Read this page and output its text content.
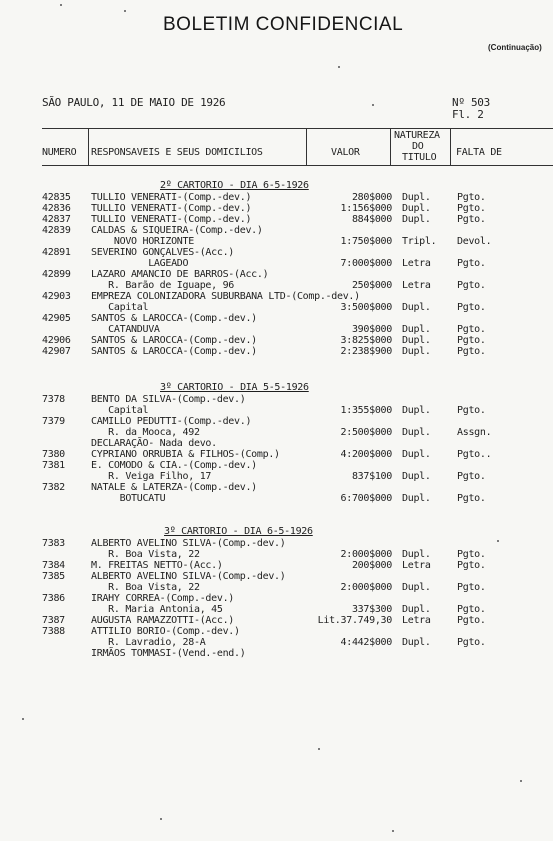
BOLETIM CONFIDENCIAL
(Continuação)
SÃO PAULO, 11 DE MAIO DE 1926	Nº 503
Fl. 2
NUMERO RESPONSAVEIS E SEUS DOMICILIOS	VALOR
NATUREZA
DO
TITULO FALTA DE
2º CARTORIO - DIA 6-5-1926
42835 TULLIO VENERATI-(Comp.-dev.)	280$000 Dupl.	Pgto.
42836 TULLIO VENERATI-(Comp.-dev.)	1:156$000 Dupl.	Pgto.
42837 TULLIO VENERATI-(Comp.-dev.)	884$000 Dupl.	Pgto.
42839 CALDAS & SIQUEIRA-(Comp.-dev.)
NOVO HORIZONTE	1:750$000 Tripl. Devol.
42891 SEVERINO GONÇALVES-(Acc.)
LAGEADO	7:000$000 Letra	Pgto.
42899 LAZARO AMANCIO DE BARROS-(Acc.)
R. Barão de Iguape, 96	250$000 Letra	Pgto.
42903 EMPREZA COLONIZADORA SUBURBANA LTD-(Comp.-dev.)
Capital	3:500$000 Dupl.	Pgto.
42905 SANTOS & LAROCCA-(Comp.-dev.)
CATANDUVA	390$000 Dupl.	Pgto.
42906 SANTOS & LAROCCA-(Comp.-dev.)	3:825$000 Dupl.	Pgto.
42907 SANTOS & LAROCCA-(Comp.-dev.)	2:238$900 Dupl.	Pgto.
3º CARTORIO - DIA 5-5-1926
7378	BENTO DA SILVA-(Comp.-dev.)
Capital	1:355$000 Dupl.	Pgto.
7379	CAMILLO PEDUTTI-(Comp.-dev.)
R. da Mooca, 492	2:500$000 Dupl.	Assgn.
DECLARAÇÃO- Nada devo.
7380	CYPRIANO ORRUBIA & FILHOS-(Comp.)	4:200$000 Dupl.	Pgto..
7381	E. COMODO & CIA.-(Comp.-dev.)
R. Veiga Filho, 17	837$100 Dupl.	Pgto.
7382	NATALE & LATERZA-(Comp.-dev.)
BOTUCATU	6:700$000 Dupl.	Pgto.
3º CARTORIO - DIA 6-5-1926
7383	ALBERTO AVELINO SILVA-(Comp.-dev.)
R. Boa Vista, 22	2:000$000 Dupl.	Pgto.
7384	M. FREITAS NETTO-(Acc.)	200$000 Letra	Pgto.
7385	ALBERTO AVELINO SILVA-(Comp.-dev.)
R. Boa Vista, 22	2:000$000 Dupl.	Pgto.
7386	IRAHY CORREA-(Comp.-dev.)
R. Maria Antonia, 45	337$300 Dupl.	Pgto.
7387	AUGUSTA RAMAZZOTTI-(Acc.)	Lit.37.749,30 Letra	Pgto.
7388	ATTILIO BORIO-(Comp.-dev.)
R. Lavradio, 28-A	4:442$000 Dupl.	Pgto.
IRMÃOS TOMMASI-(Vend.-end.)
